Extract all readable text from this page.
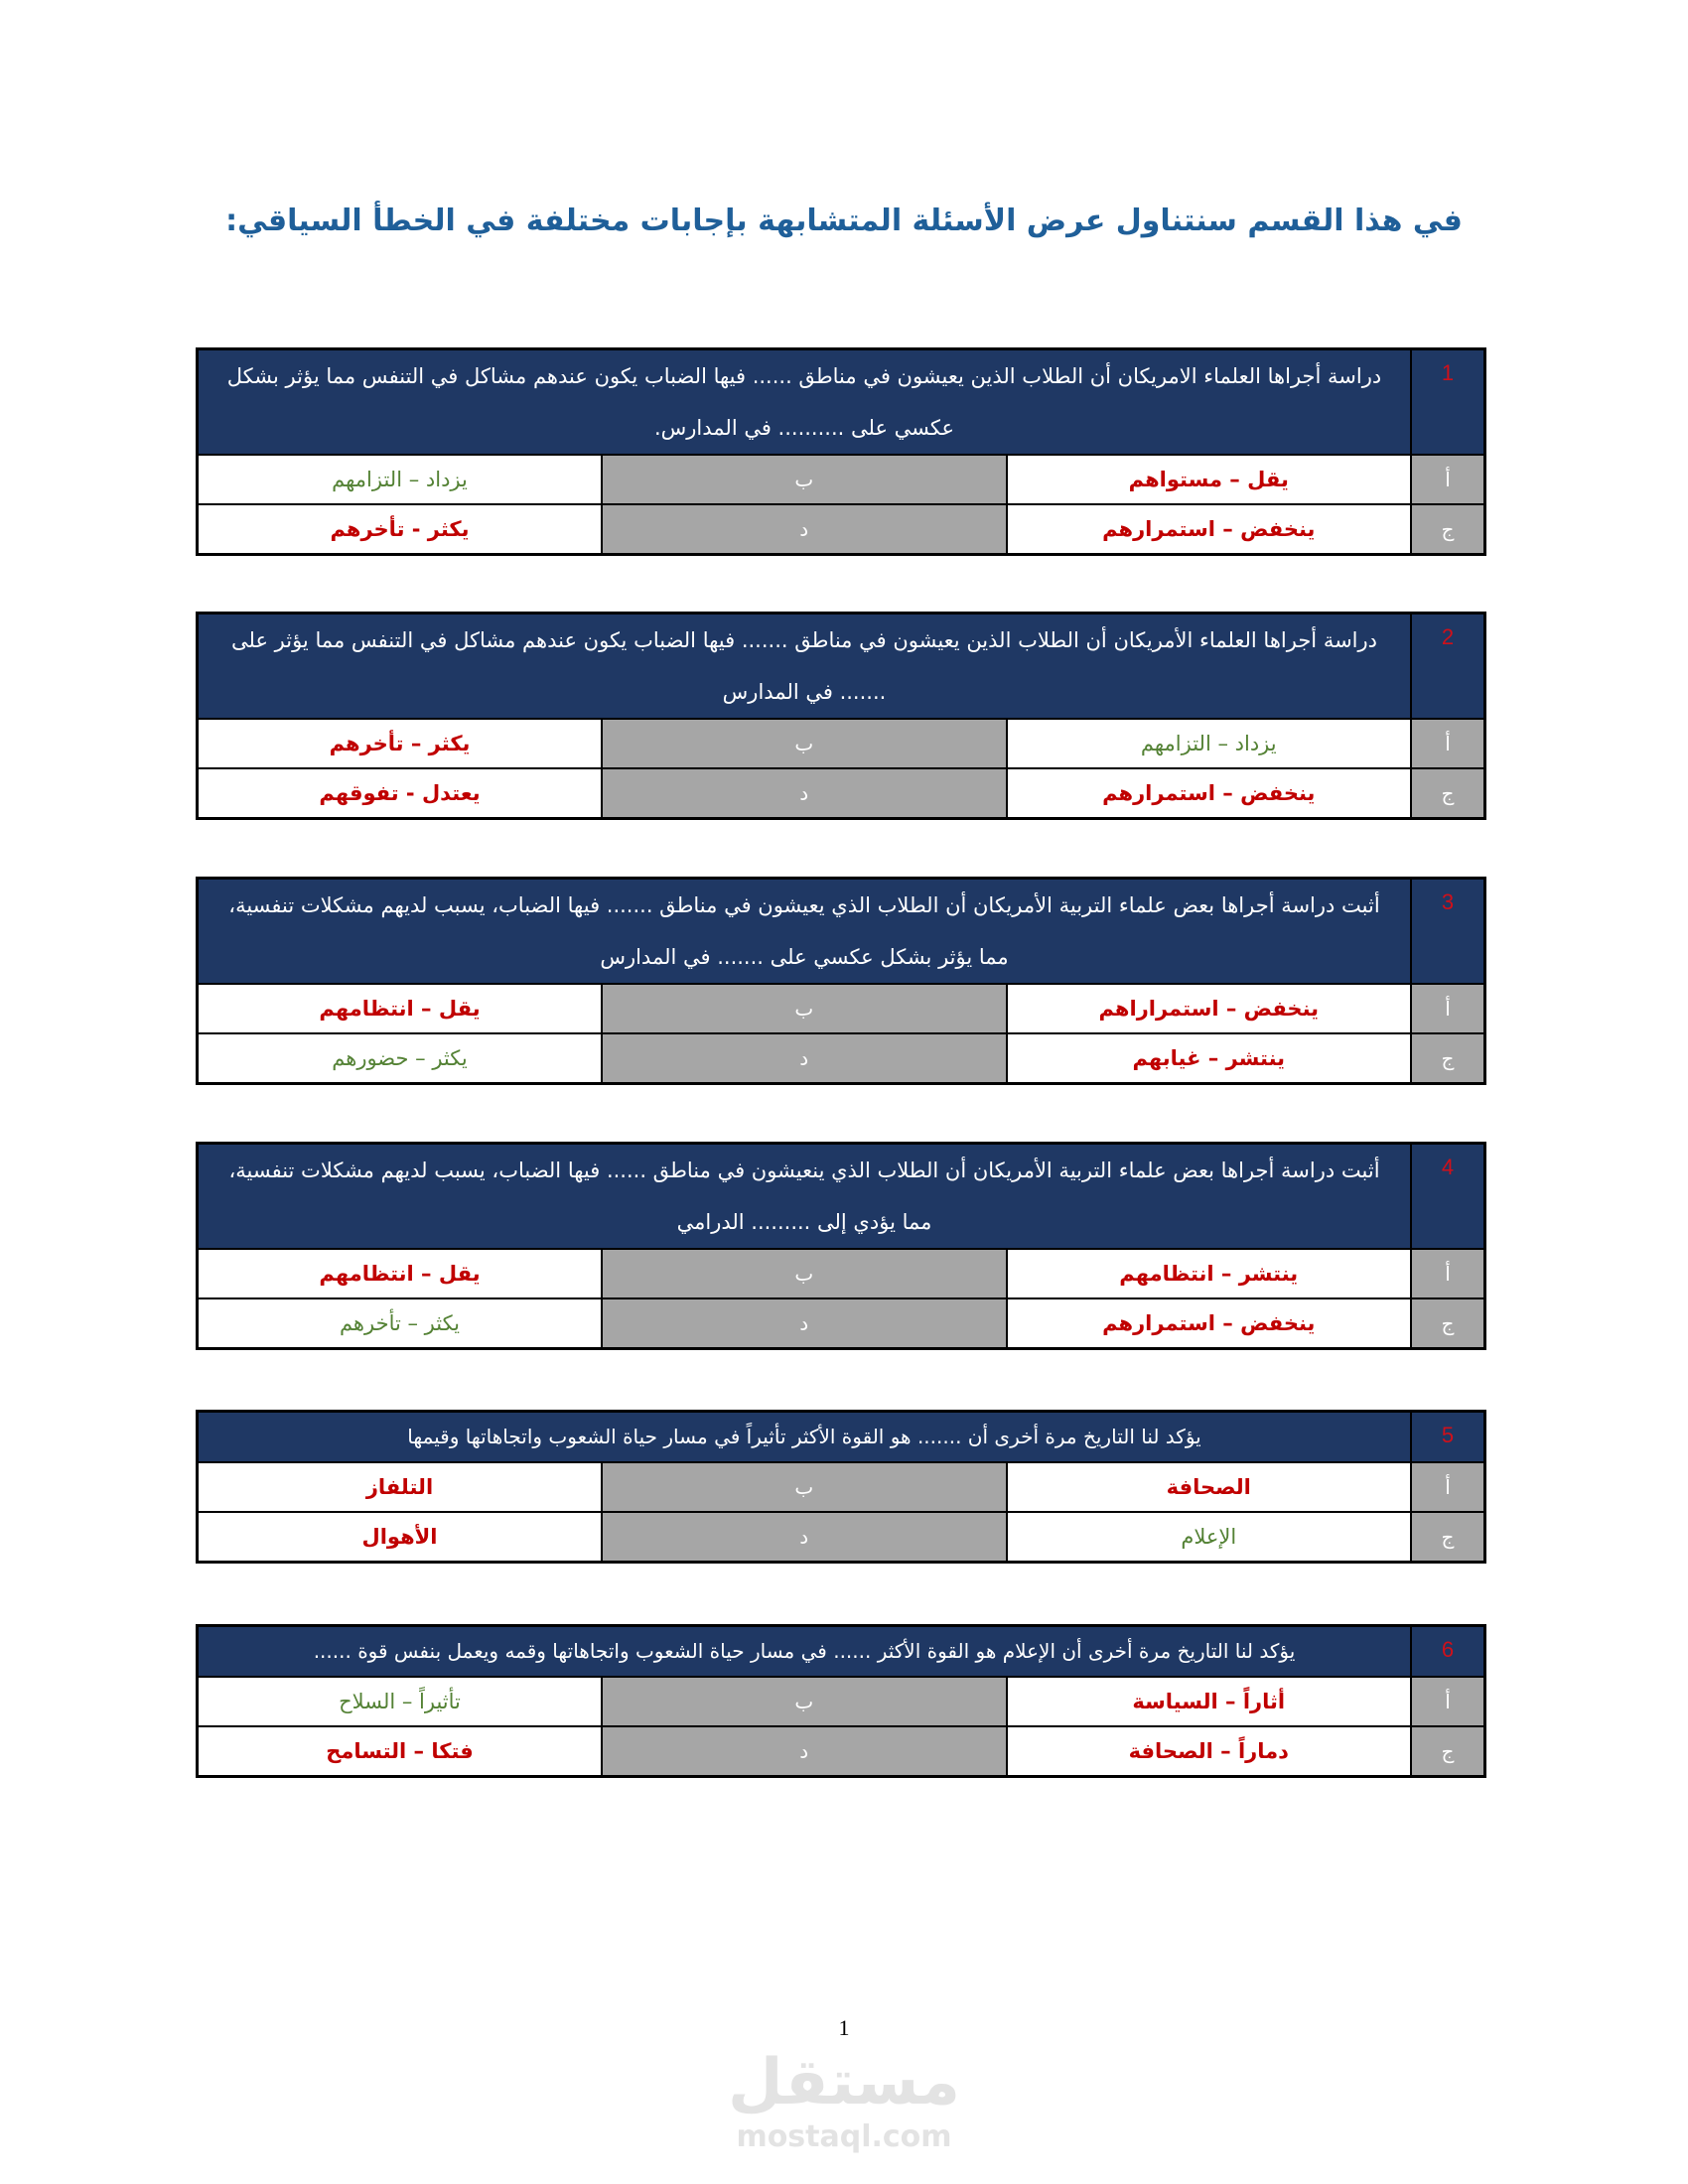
في هذا القسم سنتناول عرض الأسئلة المتشابهة بإجابات مختلفة في الخطأ السياقي:
1	دراسة أجراها العلماء الامريكان أن الطلاب الذين يعيشون في مناطق ...... فيها الضباب يكون عندهم مشاكل في التنفس مما يؤثر بشكل عكسي على .......... في المدارس.		
أ	يقل – مستواهم	ب	يزداد – التزامهم
ج	ينخفض – استمرارهم	د	يكثر - تأخرهم
2	دراسة أجراها العلماء الأمريكان أن الطلاب الذين يعيشون في مناطق ....... فيها الضباب يكون عندهم مشاكل في التنفس مما يؤثر على ....... في المدارس		
أ	يزداد – التزامهم	ب	يكثر – تأخرهم
ج	ينخفض – استمرارهم	د	يعتدل - تفوقهم
3	أثبت دراسة أجراها بعض علماء التربية الأمريكان أن الطلاب الذي يعيشون في مناطق ....... فيها الضباب، يسبب لديهم مشكلات تنفسية، مما يؤثر بشكل عكسي على ....... في المدارس		
أ	ينخفض – استمراراهم	ب	يقل – انتظامهم
ج	ينتشر – غيابهم	د	يكثر – حضورهم
4	أثبت دراسة أجراها بعض علماء التربية الأمريكان أن الطلاب الذي ينعيشون في مناطق ...... فيها الضباب، يسبب لديهم مشكلات تنفسية، مما يؤدي إلى ......... الدرامي		
أ	ينتشر – انتظامهم	ب	يقل – انتظامهم
ج	ينخفض – استمرارهم	د	يكثر – تأخرهم
5	يؤكد لنا التاريخ مرة أخرى أن ....... هو القوة الأكثر تأثيراً في مسار حياة الشعوب واتجاهاتها وقيمها		
أ	الصحافة	ب	التلفاز
ج	الإعلام	د	الأهوال
6	يؤكد لنا التاريخ مرة أخرى أن الإعلام هو القوة الأكثر ...... في مسار حياة الشعوب واتجاهاتها وقمه ويعمل بنفس قوة ......		
أ	أثاراً – السياسة	ب	تأثيراً – السلاح
ج	دماراً – الصحافة	د	فتكا – التسامح
1
مستقل
mostaql.com
